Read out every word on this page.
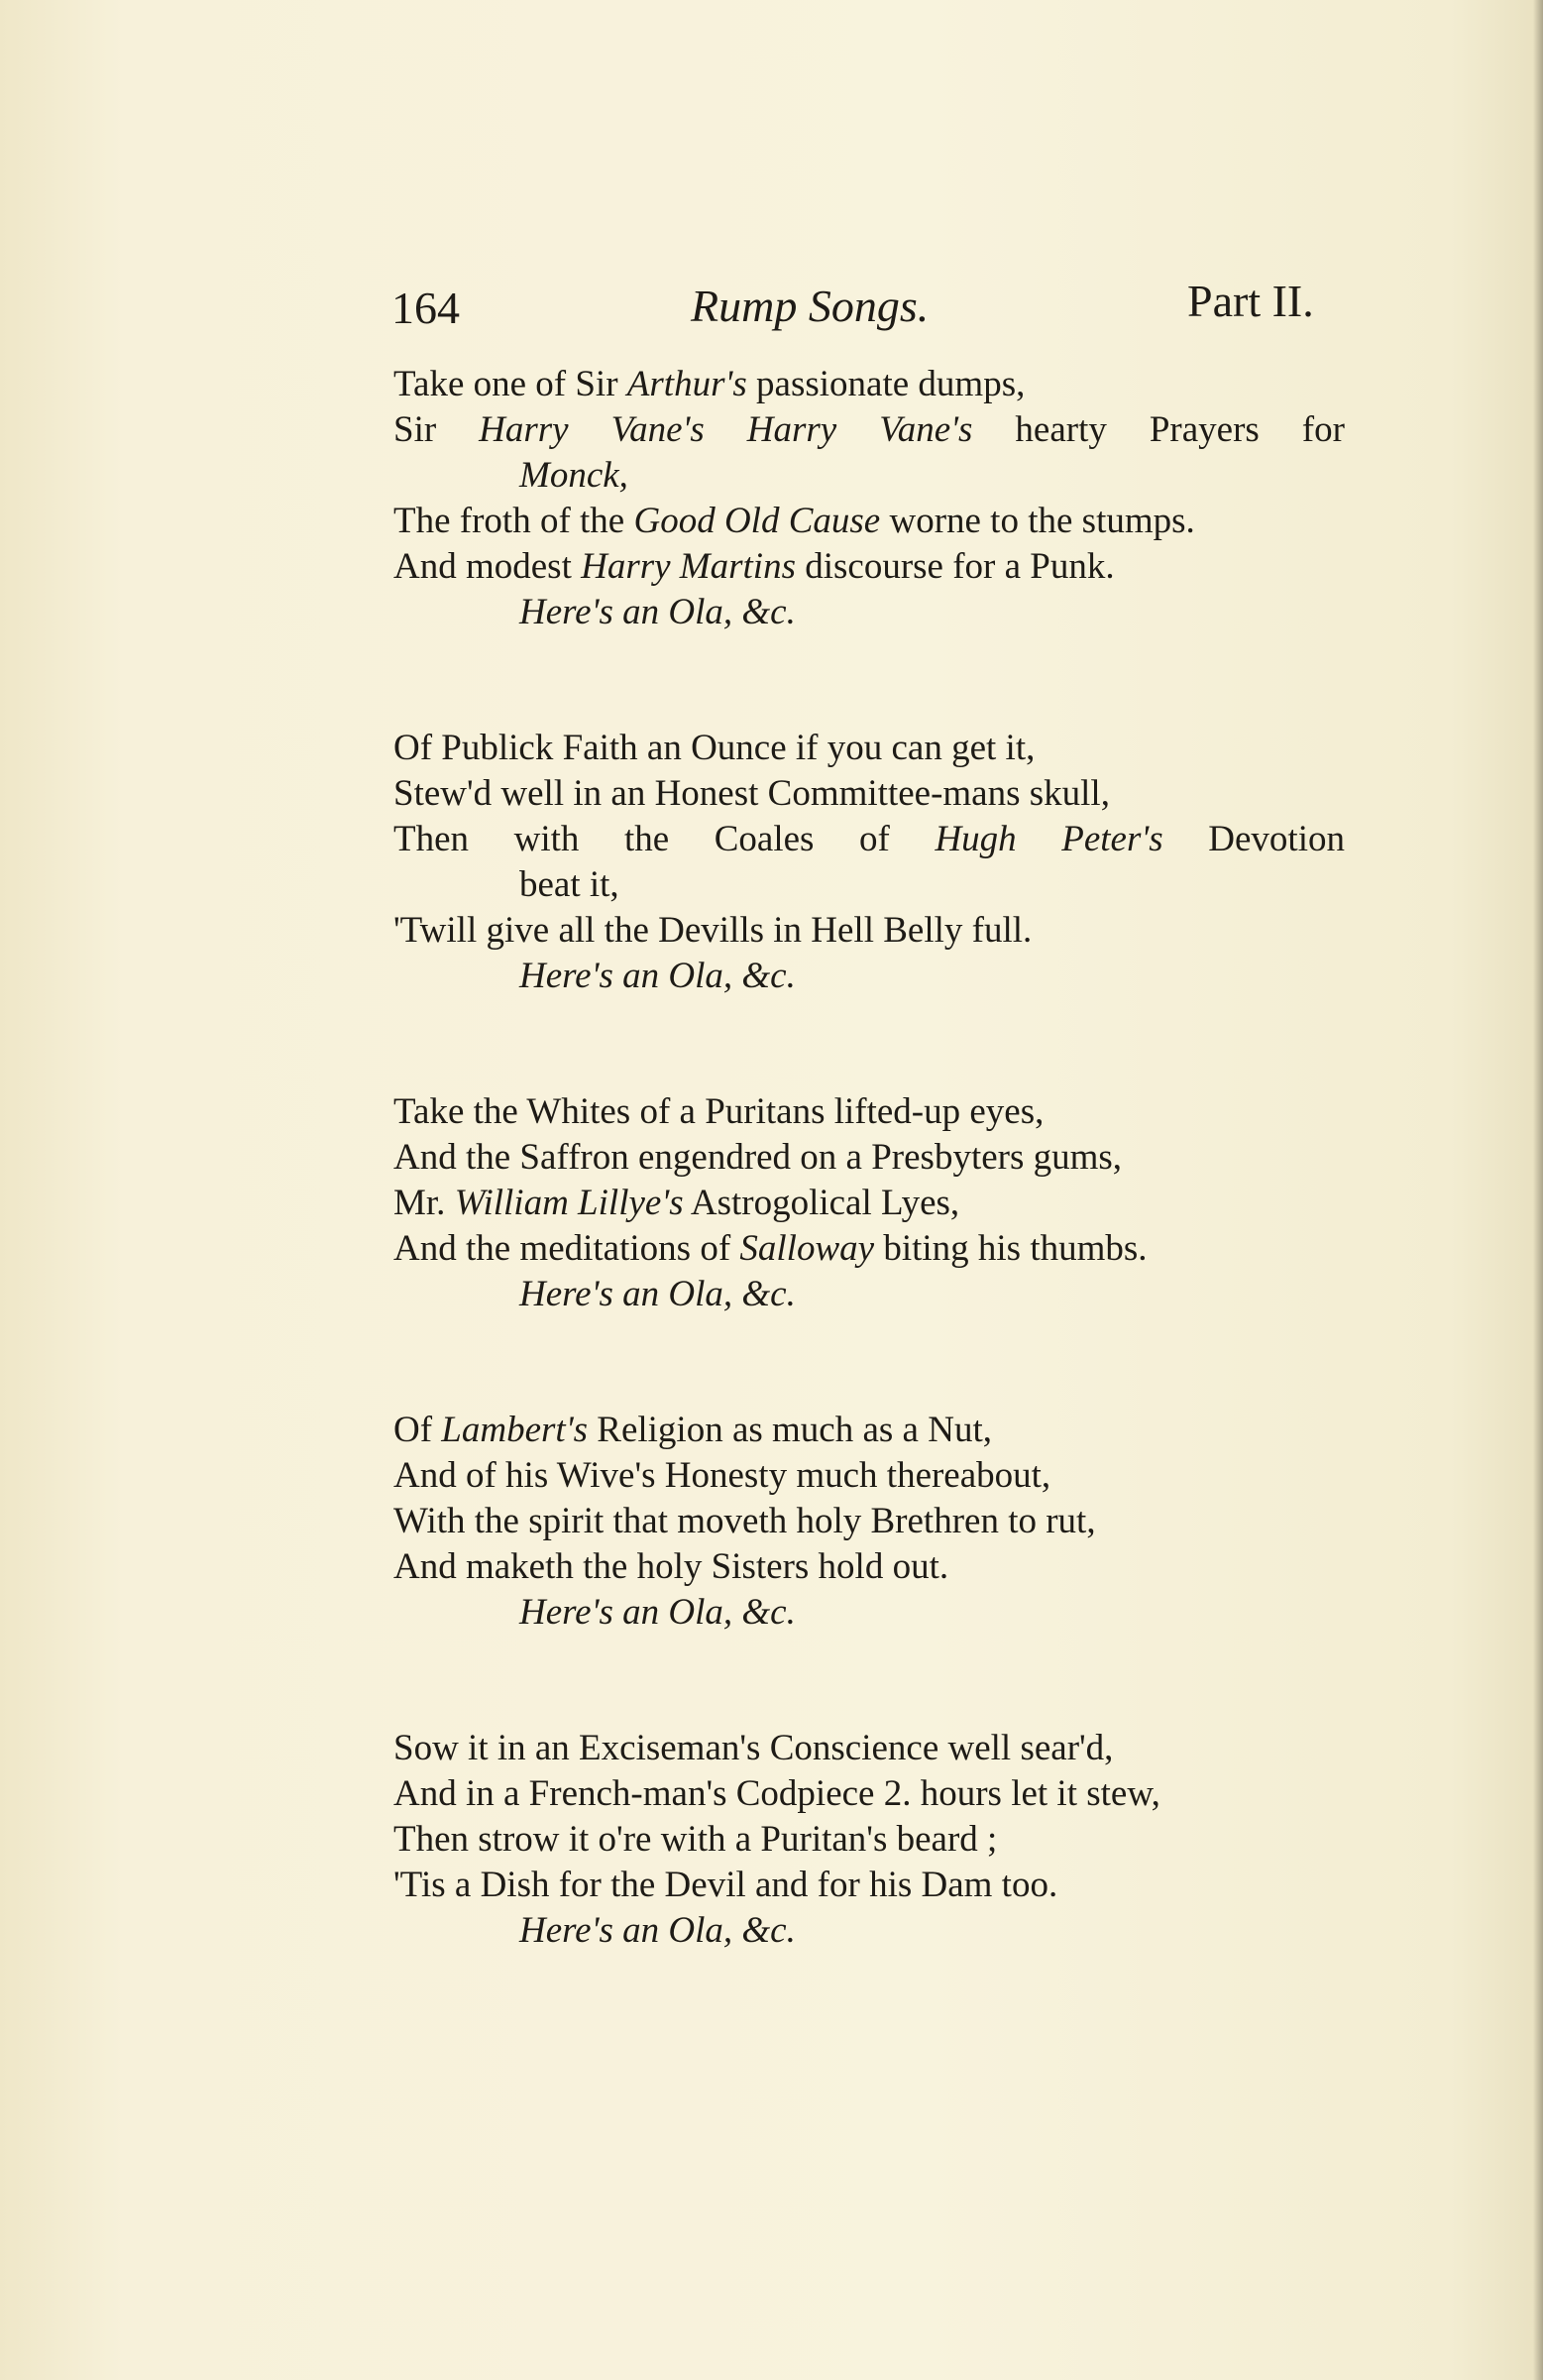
164	Rump Songs.	Part II.
Take one of Sir Arthur's passionate dumps,
Sir Harry Vane's Harry Vane's hearty Prayers for
Monck,
The froth of the Good Old Cause worne to the stumps.
And modest Harry Martins discourse for a Punk.
Here's an Ola, &c.
Of Publick Faith an Ounce if you can get it,
Stew'd well in an Honest Committee-mans skull,
Then with the Coales of Hugh Peter's Devotion
beat it,
'Twill give all the Devills in Hell Belly full.
Here's an Ola, &c.
Take the Whites of a Puritans lifted-up eyes,
And the Saffron engendred on a Presbyters gums,
Mr. William Lillye's Astrogolical Lyes,
And the meditations of Salloway biting his thumbs.
Here's an Ola, &c.
Of Lambert's Religion as much as a Nut,
And of his Wive's Honesty much thereabout,
With the spirit that moveth holy Brethren to rut,
And maketh the holy Sisters hold out.
Here's an Ola, &c.
Sow it in an Exciseman's Conscience well sear'd,
And in a French-man's Codpiece 2. hours let it stew,
Then strow it o're with a Puritan's beard ;
'Tis a Dish for the Devil and for his Dam too.
Here's an Ola, &c.
